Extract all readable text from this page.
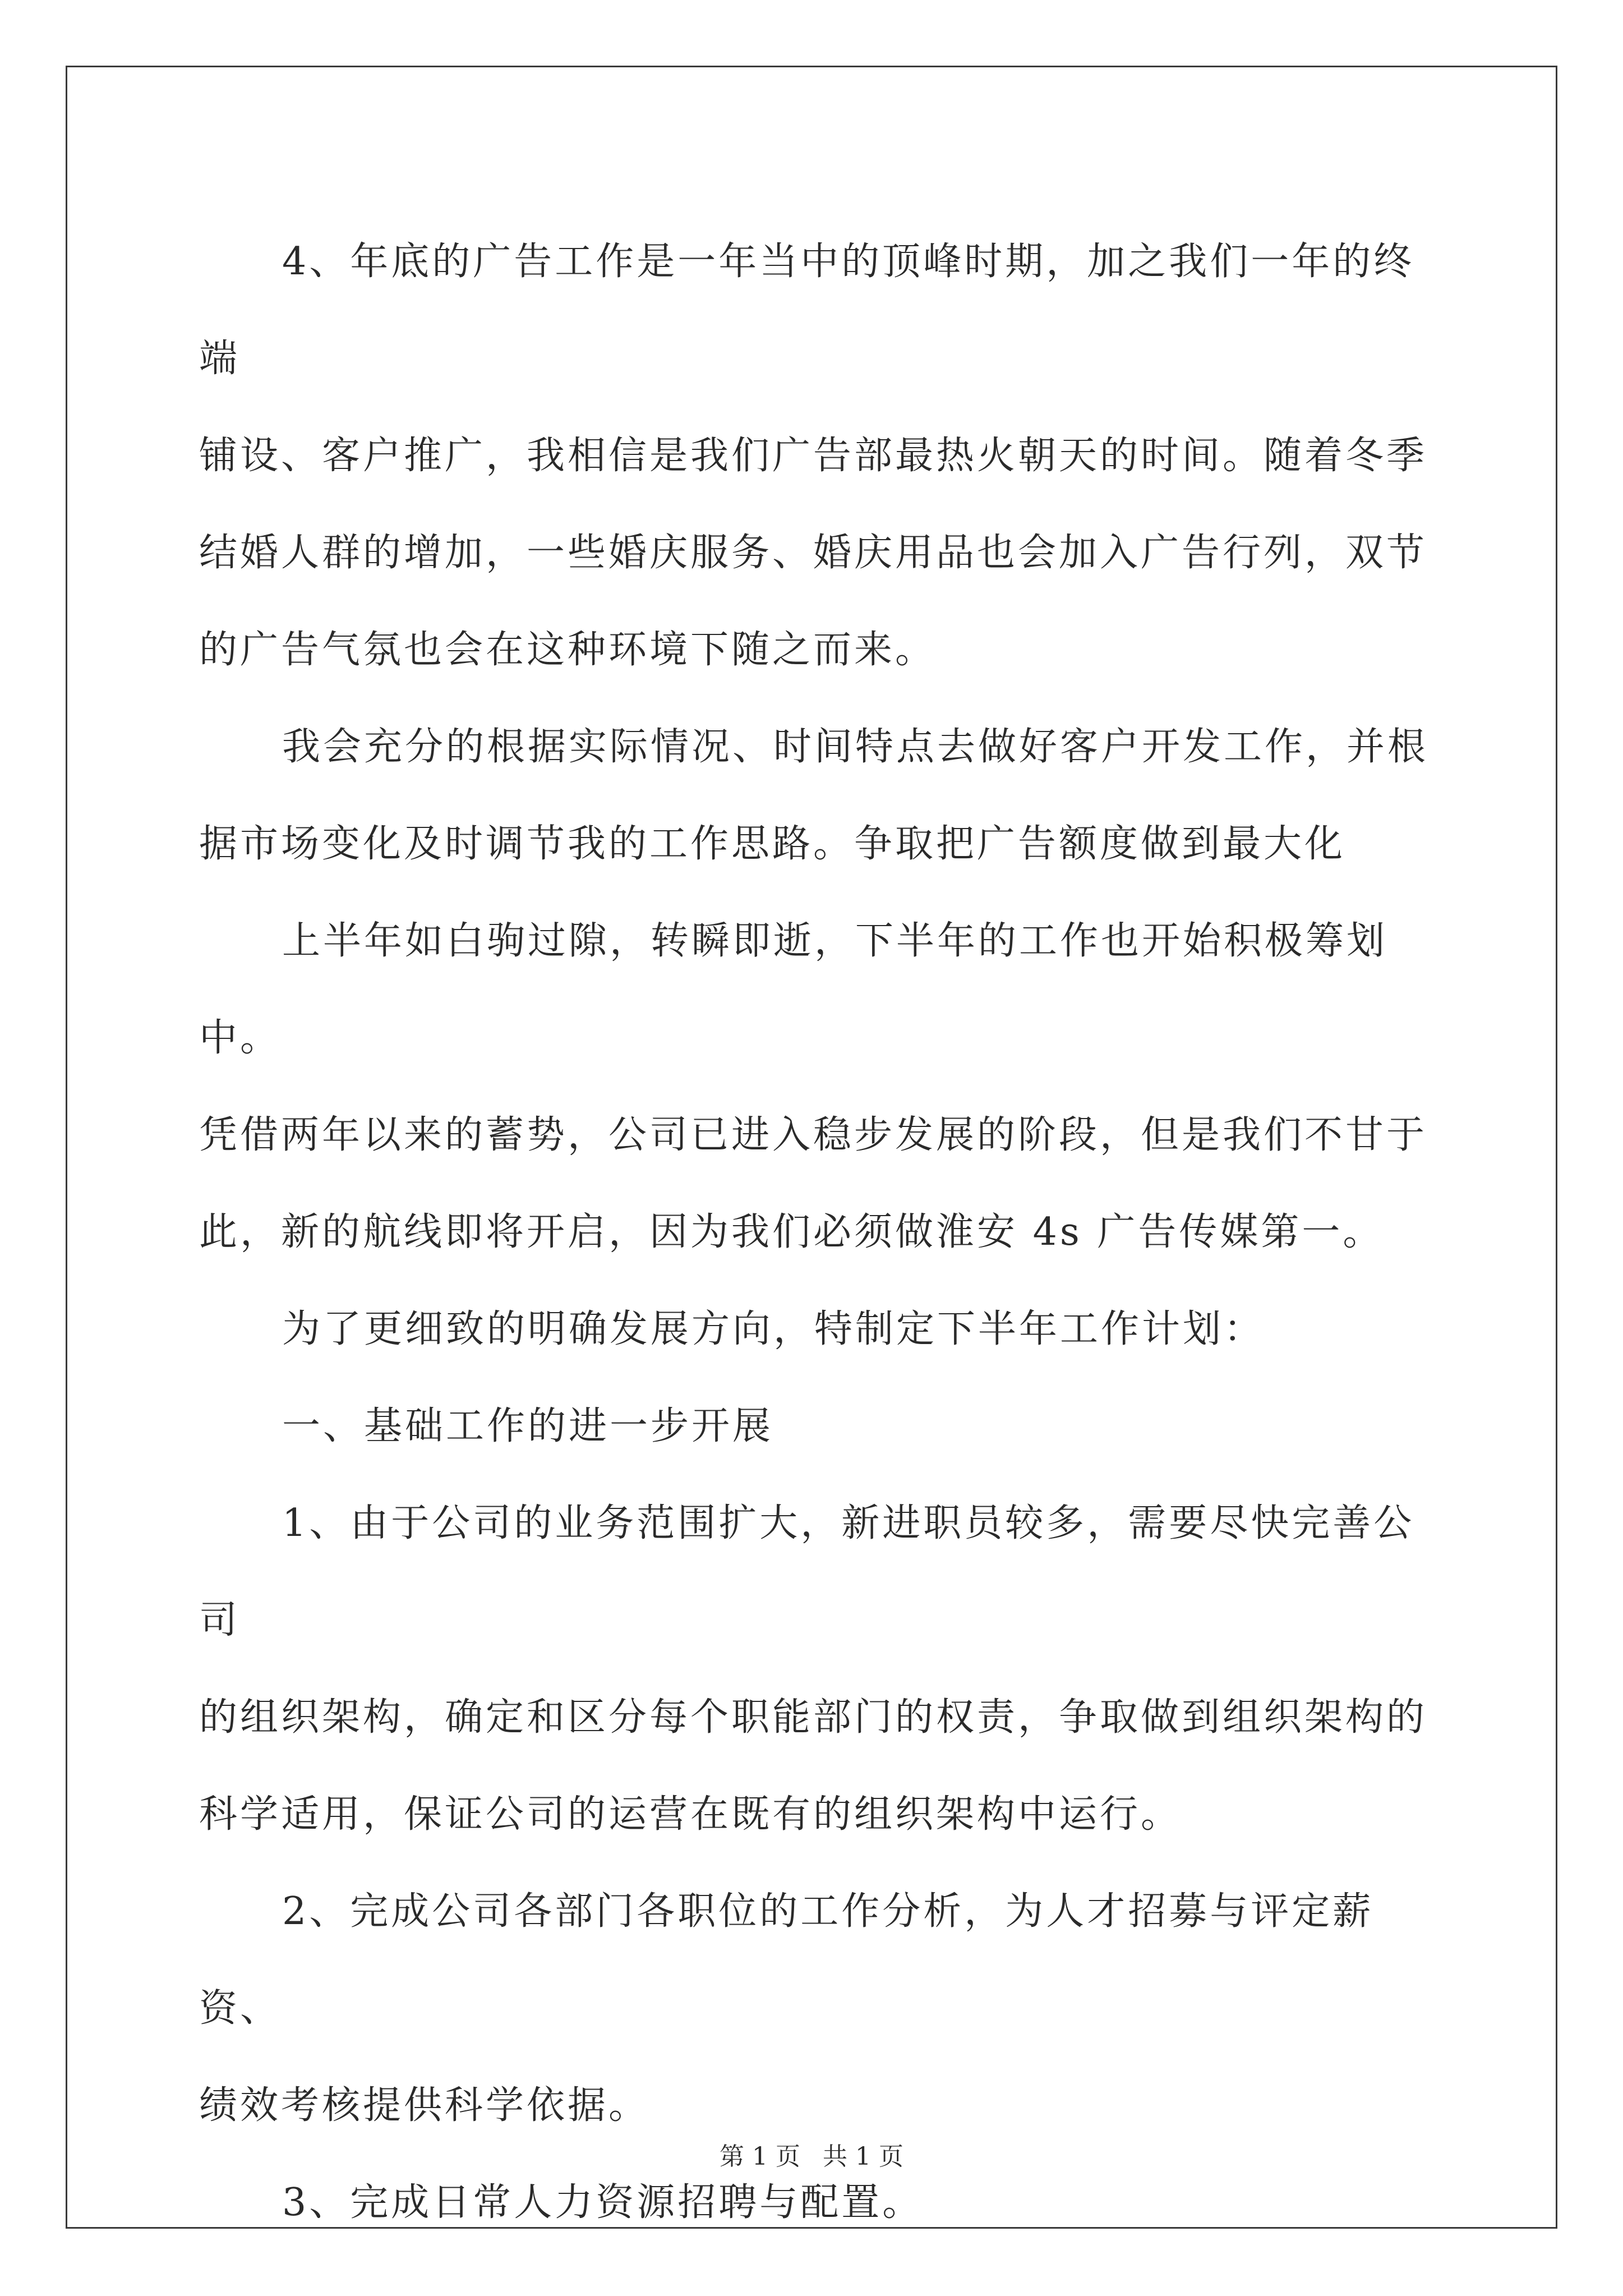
4、年底的广告工作是一年当中的顶峰时期，加之我们一年的终端
铺设、客户推广，我相信是我们广告部最热火朝天的时间。随着冬季
结婚人群的增加，一些婚庆服务、婚庆用品也会加入广告行列，双节
的广告气氛也会在这种环境下随之而来。
我会充分的根据实际情况、时间特点去做好客户开发工作，并根
据市场变化及时调节我的工作思路。争取把广告额度做到最大化
上半年如白驹过隙，转瞬即逝，下半年的工作也开始积极筹划中。
凭借两年以来的蓄势，公司已进入稳步发展的阶段，但是我们不甘于
此，新的航线即将开启，因为我们必须做淮安 4s 广告传媒第一。
为了更细致的明确发展方向，特制定下半年工作计划：
一、基础工作的进一步开展
1、由于公司的业务范围扩大，新进职员较多，需要尽快完善公司
的组织架构，确定和区分每个职能部门的权责，争取做到组织架构的
科学适用，保证公司的运营在既有的组织架构中运行。
2、完成公司各部门各职位的工作分析，为人才招募与评定薪资、
绩效考核提供科学依据。
3、完成日常人力资源招聘与配置。
第 1 页 共 1 页
